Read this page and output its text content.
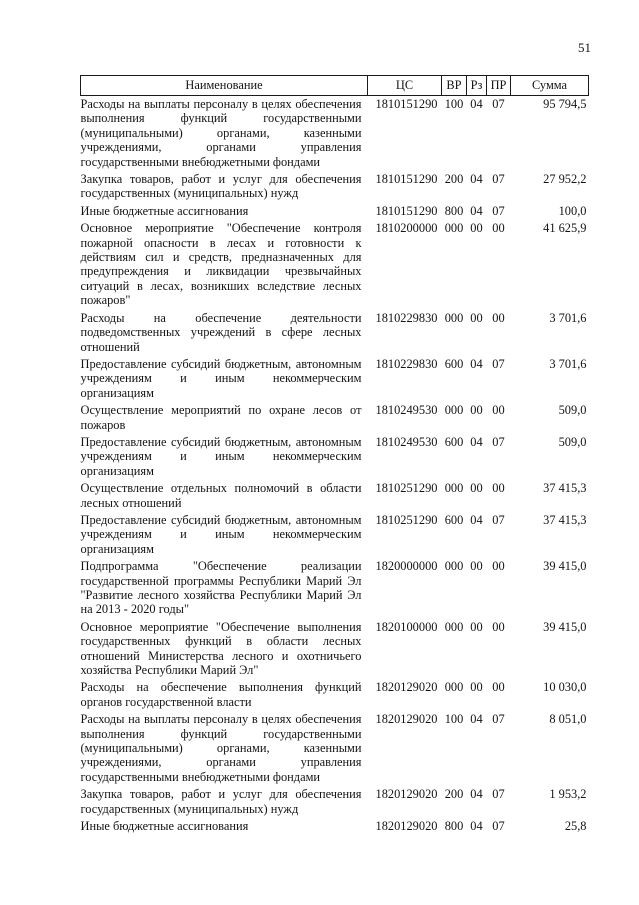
51
Наименование	ЦС	ВР	Рз	ПР	Сумма
Расходы на выплаты персоналу в целях обеспечения выполнения функций государственными (муниципальными) органами, казенными учреждениями, органами управления государственными внебюджетными фондами	1810151290	100	04	07	95 794,5
Закупка товаров, работ и услуг для обеспечения государственных (муниципальных) нужд	1810151290	200	04	07	27 952,2
Иные бюджетные ассигнования	1810151290	800	04	07	100,0
Основное мероприятие "Обеспечение контроля пожарной опасности в лесах и готовности к действиям сил и средств, предназначенных для предупреждения и ликвидации чрезвычайных ситуаций в лесах, возникших вследствие лесных пожаров"	1810200000	000	00	00	41 625,9
Расходы на обеспечение деятельности подведомственных учреждений в сфере лесных отношений	1810229830	000	00	00	3 701,6
Предоставление субсидий бюджетным, автономным учреждениям и иным некоммерческим организациям	1810229830	600	04	07	3 701,6
Осуществление мероприятий по охране лесов от пожаров	1810249530	000	00	00	509,0
Предоставление субсидий бюджетным, автономным учреждениям и иным некоммерческим организациям	1810249530	600	04	07	509,0
Осуществление отдельных полномочий в области лесных отношений	1810251290	000	00	00	37 415,3
Предоставление субсидий бюджетным, автономным учреждениям и иным некоммерческим организациям	1810251290	600	04	07	37 415,3
Подпрограмма "Обеспечение реализации государственной программы Республики Марий Эл "Развитие лесного хозяйства Республики Марий Эл на 2013 - 2020 годы"	1820000000	000	00	00	39 415,0
Основное мероприятие "Обеспечение выполнения государственных функций в области лесных отношений Министерства лесного и охотничьего хозяйства Республики Марий Эл"	1820100000	000	00	00	39 415,0
Расходы на обеспечение выполнения функций органов государственной власти	1820129020	000	00	00	10 030,0
Расходы на выплаты персоналу в целях обеспечения выполнения функций государственными (муниципальными) органами, казенными учреждениями, органами управления государственными внебюджетными фондами	1820129020	100	04	07	8 051,0
Закупка товаров, работ и услуг для обеспечения государственных (муниципальных) нужд	1820129020	200	04	07	1 953,2
Иные бюджетные ассигнования	1820129020	800	04	07	25,8
